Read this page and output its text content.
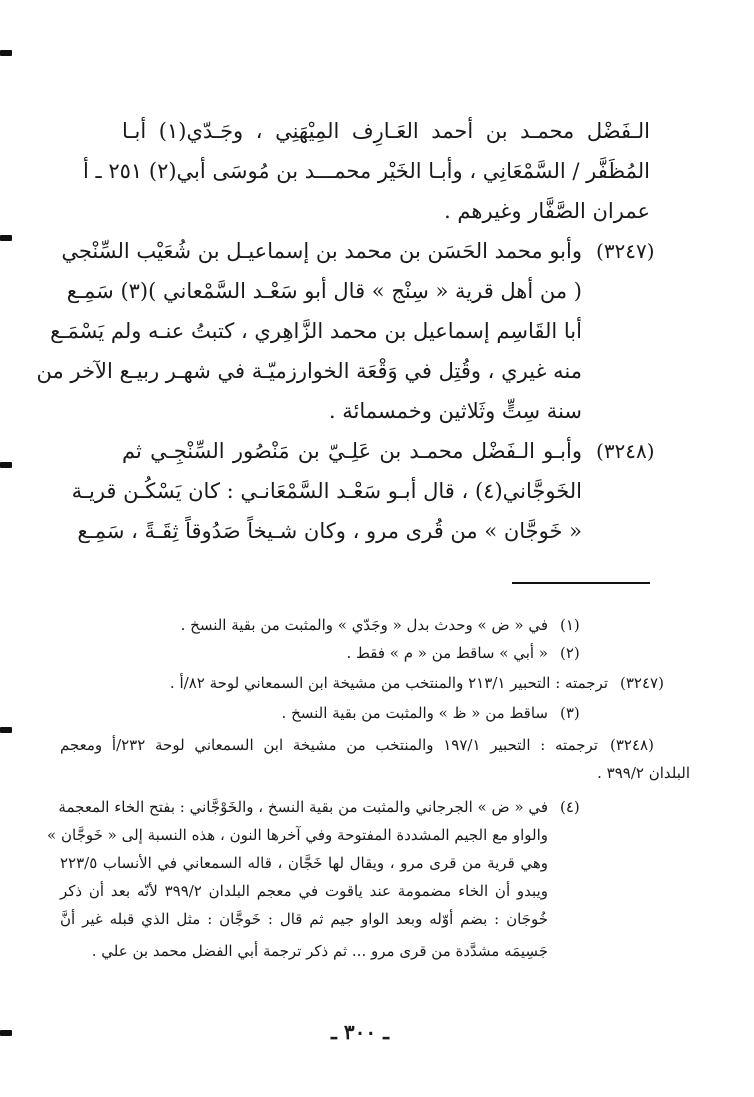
الـفَضْل محمـد بن أحمد العَـارِف المِيْهَنِي ، وجَـدّي(١) أبـا
المُظَفَّر / السَّمْعَانِي ، وأبـا الخَيْر محمـــد بن مُوسَى أبي(٢) ٢٥١ ـ أ
عمران الصَّفَّار وغيرهم .
(٣٢٤٧)
وأبو محمد الحَسَن بن محمد بن إسماعيـل بن شُعَيْب السِّنْجي
( من أهل قرية « سِنْج » قال أبو سَعْـد السَّمْعاني )(٣) سَمِـع
أبا القَاسِم إسماعيل بن محمد الزَّاهِري ، كتبتُ عنـه ولم يَسْمَـع
منه غيري ، وقُتِل في وَقْعَة الخوارزميّـة في شهـر ربيـع الآخر من
سنة سِتٍّ وثَلاثين وخمسمائة .
(٣٢٤٨)
وأبـو الـفَضْل محمـد بن عَلِـيّ بن مَنْصُور السِّنْجِـي ثم
الخَوجَّاني(٤) ، قال أبـو سَعْـد السَّمْعَانـي : كان يَسْكُـن قريـة
« خَوجَّان » من قُرى مرو ، وكان شـيخاً صَدُوقاً ثِقَـةً ، سَمِـع
(١)
في « ض » وحدث بدل « وجَدّي » والمثبت من بقية النسخ .
(٢)
« أبي » ساقط من « م » فقط .
(٣٢٤٧)
ترجمته : التحبير ٢١٣/١ والمنتخب من مشيخة ابن السمعاني لوحة ٨٢/أ .
(٣)
ساقط من « ظ » والمثبت من بقية النسخ .
(٣٢٤٨)
ترجمته : التحبير ١٩٧/١ والمنتخب من مشيخة ابن السمعاني لوحة ٢٣٢/أ ومعجم
البلدان ٣٩٩/٢ .
(٤)
في « ض » الجرجاني والمثبت من بقية النسخ ، والخَوْجَّاني : بفتح الخاء المعجمة
والواو مع الجيم المشددة المفتوحة وفي آخرها النون ، هذه النسبة إلى « خَوجَّان »
وهي قرية من قرى مرو ، ويقال لها خَجَّان ، قاله السمعاني في الأنساب ٢٢٣/٥
ويبدو أن الخاء مضمومة عند ياقوت في معجم البلدان ٣٩٩/٢ لأنّه بعد أن ذكر
خُوجَان : بضم أوّله وبعد الواو جيم ثم قال : خَوجَّان : مثل الذي قبله غير أنَّ
جَسِيمَه مشدَّدة من قرى مرو ... ثم ذكر ترجمة أبي الفضل محمد بن علي .
ـ ٣٠٠ ـ
